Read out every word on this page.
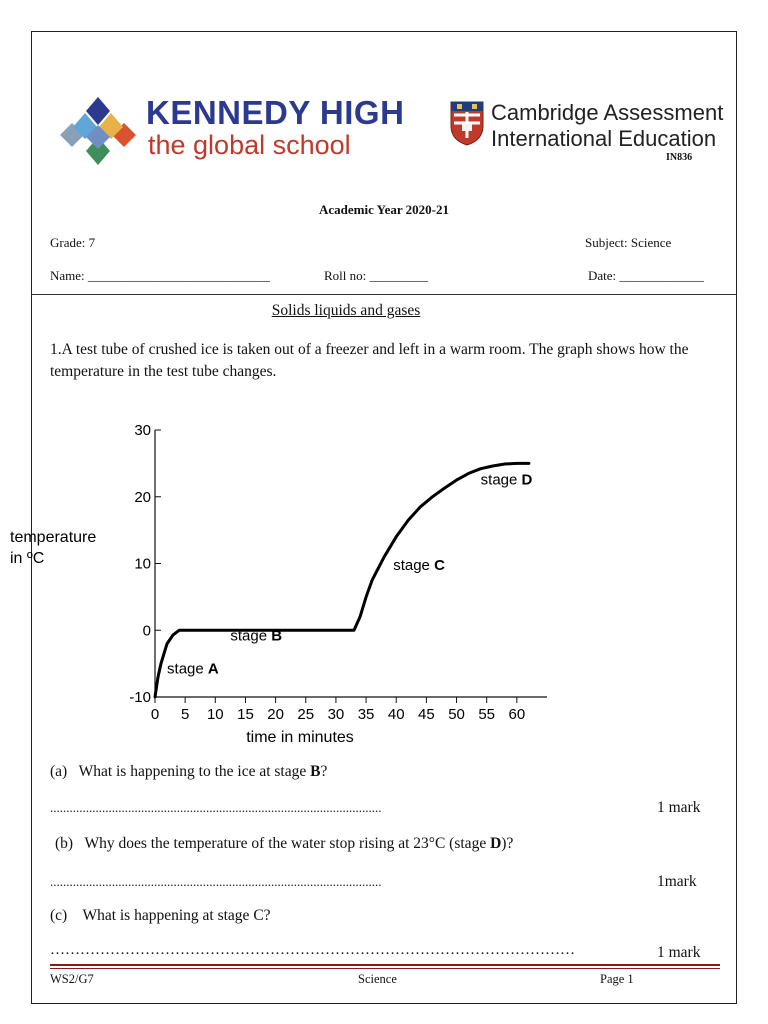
KENNEDY HIGH
the global school
Cambridge Assessment
International Education
IN836
Academic Year 2020-21
Grade: 7	Subject: Science
Name: ____________________________	Roll no: _________	Date: _____________
Solids liquids and gases
1.A test tube of crushed ice is taken out of a freezer and left in a warm room. The graph shows how the temperature in the test tube changes.
0 5 10 15 20 25 30 35 40 45 50 55 60
-10
0
10
20
30
stage A
stage B
stage C
stage D
temperature
in ºC
time in minutes
(a) What is happening to the ice at stage B?
......................................................................................................	1 mark
(b) Why does the temperature of the water stop rising at 23°C (stage D)?
......................................................................................................	1mark
(c) What is happening at stage C?
……………………………………………………………………………………………	1 mark
WS2/G7	Science	Page 1
